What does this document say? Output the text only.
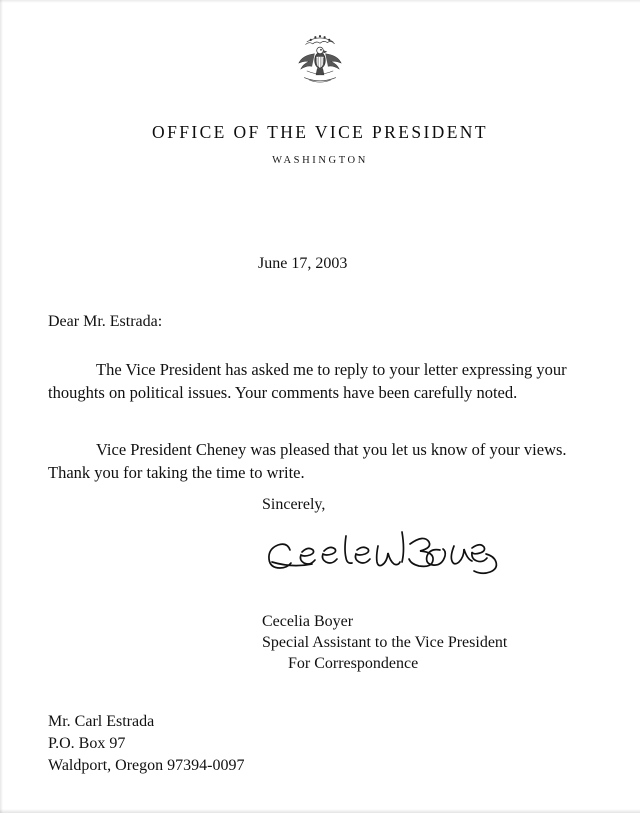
OFFICE OF THE VICE PRESIDENT
WASHINGTON
June 17, 2003
Dear Mr. Estrada:
The Vice President has asked me to reply to your letter expressing your thoughts on political issues. Your comments have been carefully noted.
Vice President Cheney was pleased that you let us know of your views. Thank you for taking the time to write.
Sincerely,
Cecelia Boyer
Special Assistant to the Vice President
For Correspondence
Mr. Carl Estrada
P.O. Box 97
Waldport, Oregon 97394-0097
